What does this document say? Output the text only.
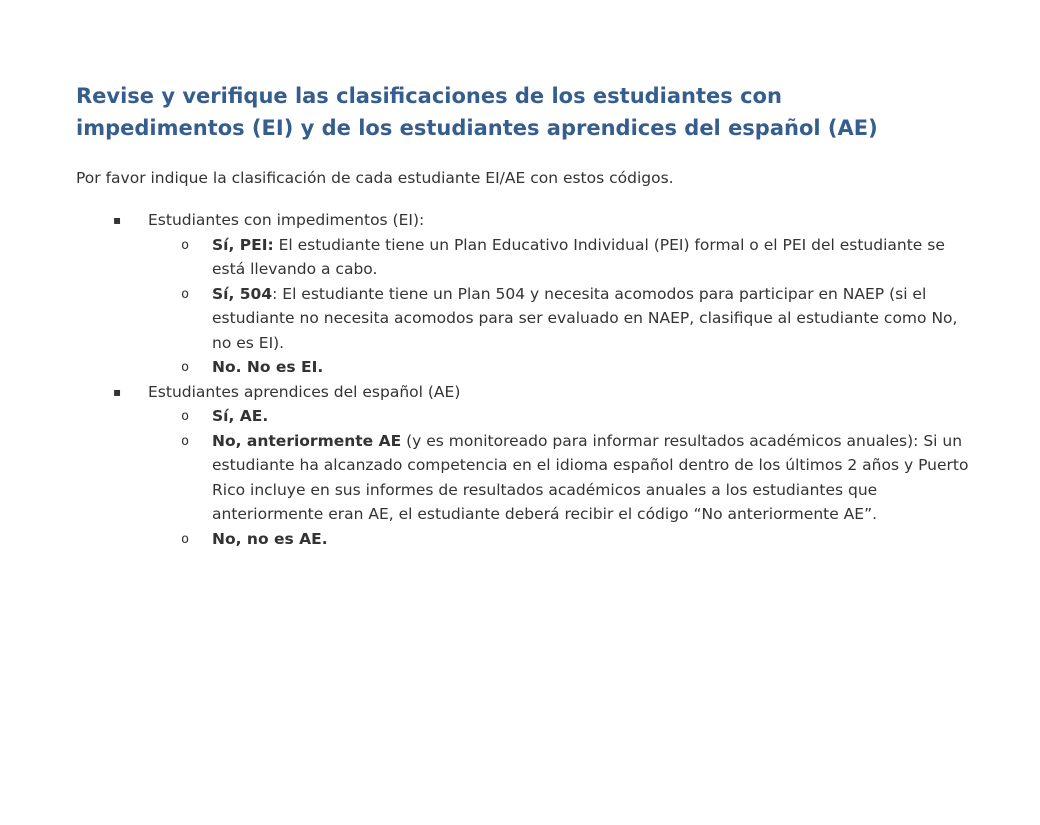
Revise y verifique las clasificaciones de los estudiantes con
impedimentos (EI) y de los estudiantes aprendices del español (AE)

Por favor indique la clasificación de cada estudiante EI/AE con estos códigos.

▪	Estudiantes con impedimentos (EI):
o	Sí, PEI: El estudiante tiene un Plan Educativo Individual (PEI) formal o el PEI del estudiante se está llevando a cabo.
o	Sí, 504: El estudiante tiene un Plan 504 y necesita acomodos para participar en NAEP (si el estudiante no necesita acomodos para ser evaluado en NAEP, clasifique al estudiante como No, no es EI).
o	No. No es EI.
▪	Estudiantes aprendices del español (AE)
o	Sí, AE.
o	No, anteriormente AE (y es monitoreado para informar resultados académicos anuales): Si un estudiante ha alcanzado competencia en el idioma español dentro de los últimos 2 años y Puerto Rico incluye en sus informes de resultados académicos anuales a los estudiantes que anteriormente eran AE, el estudiante deberá recibir el código “No anteriormente AE”.
o	No, no es AE.
